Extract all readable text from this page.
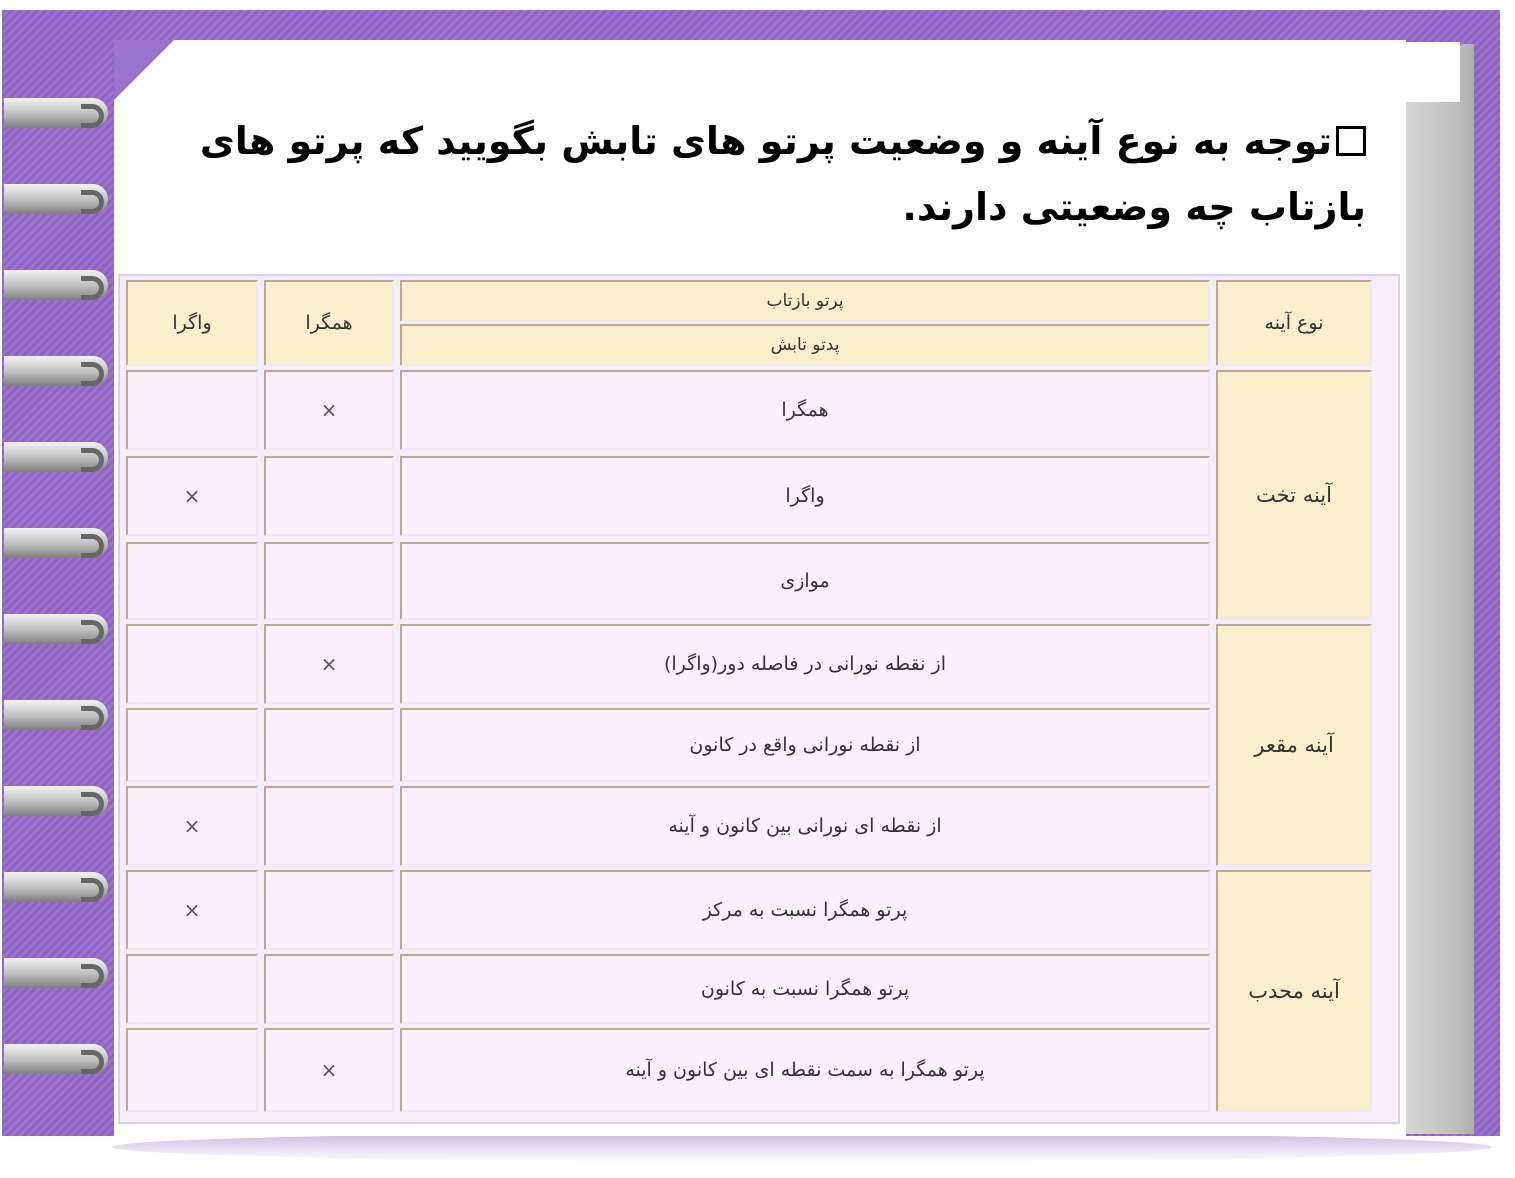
توجه به نوع آینه و وضعیت پرتو های تابش بگویید که پرتو های بازتاب چه وضعیتی دارند.
نوع آینه
پرتو بازتاب
پدتو تابش
همگرا
واگرا
آینه تخت
همگرا
×
واگرا
×
موازی
آینه مقعر
از نقطه نورانی در فاصله دور(واگرا)
×
از نقطه نورانی واقع در کانون
از نقطه ای نورانی بین کانون و آینه
×
آینه محدب
پرتو همگرا نسبت به مرکز
×
پرتو همگرا نسبت به کانون
پرتو همگرا به سمت نقطه ای بین کانون و آینه
×
